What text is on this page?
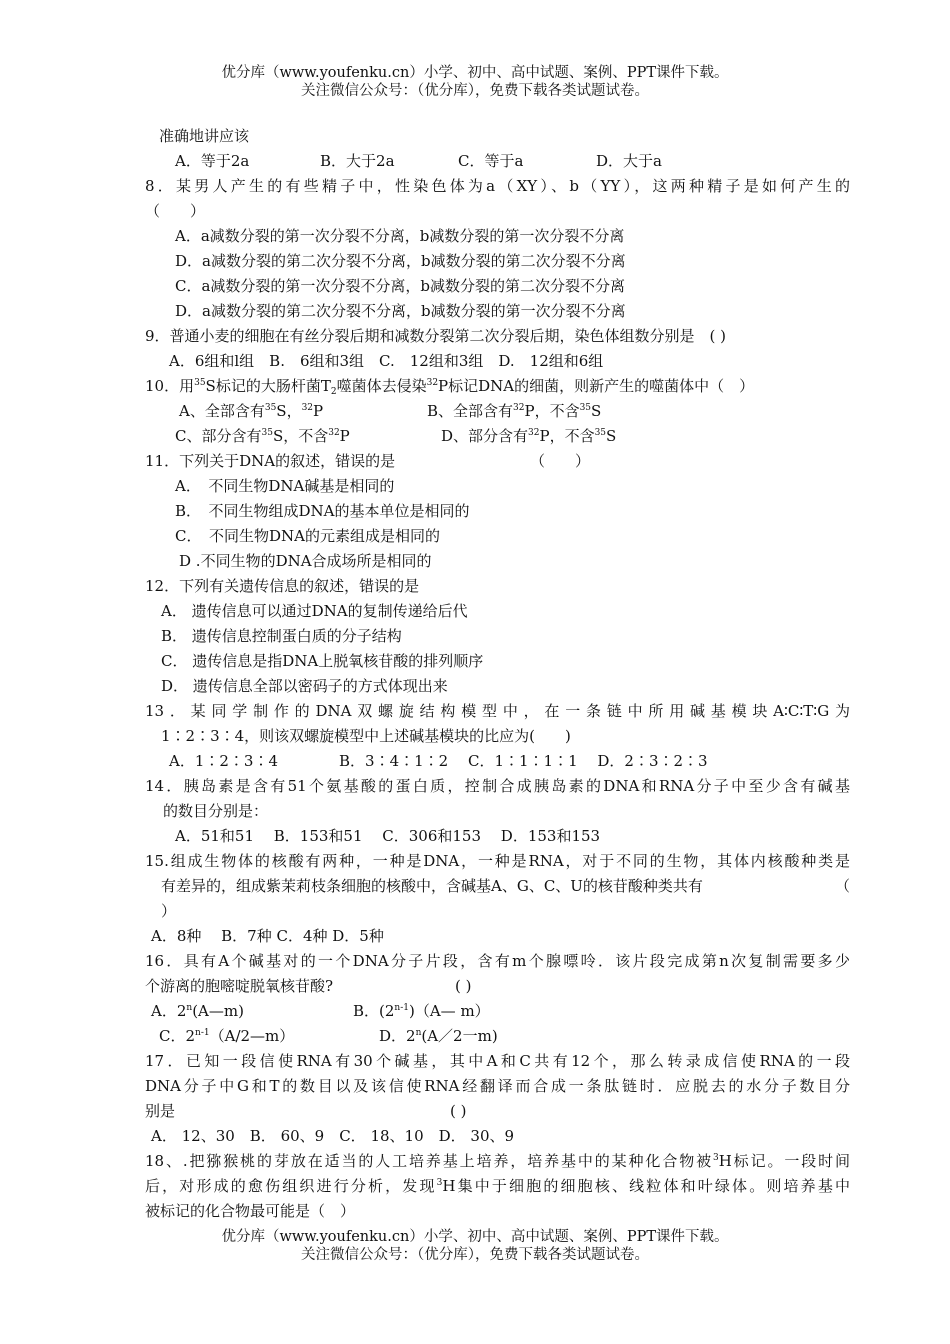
优分库（www.youfenku.cn）小学、初中、高中试题、案例、PPT课件下载。
关注微信公众号：（优分库），免费下载各类试题试卷。
准确地讲应该
A．等于2a	B．大于2a	C．等于a	D．大于a
8．某男人产生的有些精子中，性染色体为a（XY）、b（YY），这两种精子是如何产生的
（　　）
A．a减数分裂的第一次分裂不分离，b减数分裂的第一次分裂不分离
D．a减数分裂的第二次分裂不分离，b减数分裂的第二次分裂不分离
C．a减数分裂的第一次分裂不分离，b减数分裂的第二次分裂不分离
D．a减数分裂的第二次分裂不分离，b减数分裂的第一次分裂不分离
9．普通小麦的细胞在有丝分裂后期和减数分裂第二次分裂后期，染色体组数分别是　( )
A．6组和l组　B.　6组和3组　C.　12组和3组　D.　12组和6组
10．用$^{35}$S标记的大肠杆菌$T_2$噬菌体去侵染$^{32}$P标记DNA的细菌，则新产生的噬菌体中（　）
A、全部含有$^{35}$S，$^{32}$P	B、全部含有$^{32}$P，不含$^{35}$S
C、部分含有$^{35}$S，不含$^{32}$P	D、部分含有$^{32}$P，不含$^{35}$S
11．下列关于DNA的叙述，错误的是	（　　）
A．　不同生物DNA碱基是相同的
B．　不同生物组成DNA的基本单位是相同的
C．　不同生物DNA的元素组成是相同的
D .不同生物的DNA合成场所是相同的
12．下列有关遗传信息的叙述，错误的是
A． 遗传信息可以通过DNA的复制传递给后代
B． 遗传信息控制蛋白质的分子结构
C． 遗传信息是指DNA上脱氧核苷酸的排列顺序
D． 遗传信息全部以密码子的方式体现出来
13．某同学制作的DNA双螺旋结构模型中，在一条链中所用碱基模块A∶C∶T∶G为
1∶2∶3∶4，则该双螺旋模型中上述碱基模块的比应为(　　)
A．1∶2∶3∶4	B．3∶4∶1∶2　 C．1∶1∶1∶1　 D．2∶3∶2∶3
14．胰岛素是含有51个氨基酸的蛋白质，控制合成胰岛素的DNA和RNA分子中至少含有碱基
的数目分别是：
A．51和51　 B．153和51　 C．306和153　 D．153和153
15.组成生物体的核酸有两种，一种是DNA，一种是RNA，对于不同的生物，其体内核酸种类是
有差异的，组成紫茉莉枝条细胞的核酸中，含碱基A、G、C、U的核苷酸种类共有	（
）
A．8种　 B．7种 C．4种 D．5种
16．具有A个碱基对的一个DNA分子片段，含有m个腺嘌呤．该片段完成第n次复制需要多少
个游离的胞嘧啶脱氧核苷酸?	( )
A．2$^n$(A—m)	B．(2$^{n-1}$)（A— m）
C．2$^{n-1}$（A/2—m）	D．2$^n$(A／2一m)
17．已知一段信使RNA有30个碱基，其中A和C共有12个，那么转录成信使RNA的一段
DNA分子中G和T的数目以及该信使RNA经翻译而合成一条肽链时．应脱去的水分子数目分
别是	( )
A． 12、30　B． 60、9　C． 18、10　D． 30、9
18、.把猕猴桃的芽放在适当的人工培养基上培养，培养基中的某种化合物被$^3$H标记。一段时间
后，对形成的愈伤组织进行分析，发现$^3$H集中于细胞的细胞核、线粒体和叶绿体。则培养基中
被标记的化合物最可能是（　）
优分库（www.youfenku.cn）小学、初中、高中试题、案例、PPT课件下载。
关注微信公众号：（优分库），免费下载各类试题试卷。
